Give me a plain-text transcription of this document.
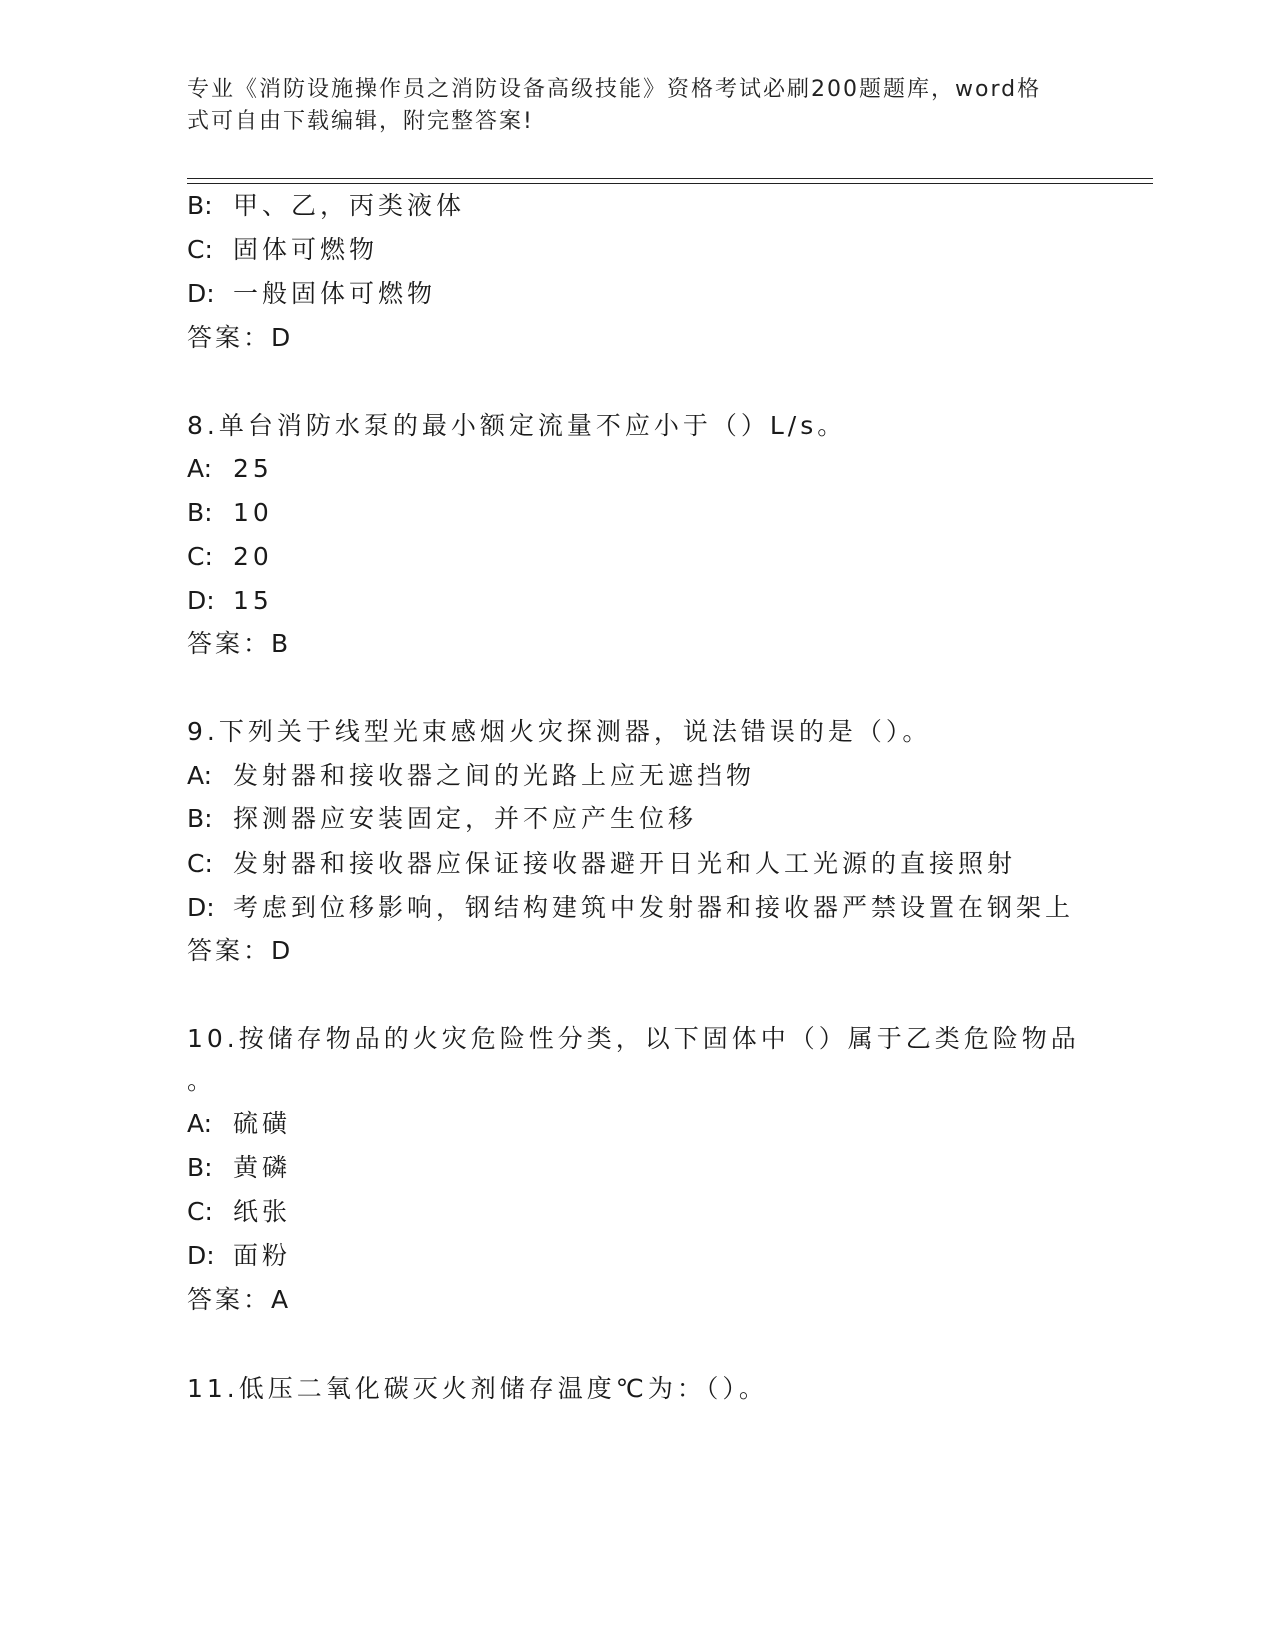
专业《消防设施操作员之消防设备高级技能》资格考试必刷200题题库，word格
式可自由下载编辑，附完整答案!
B: 甲、乙，丙类液体
C: 固体可燃物
D: 一般固体可燃物
答案：D
8.单台消防水泵的最小额定流量不应小于（）L/s。
A: 25
B: 10
C: 20
D: 15
答案：B
9.下列关于线型光束感烟火灾探测器，说法错误的是（）。
A: 发射器和接收器之间的光路上应无遮挡物
B: 探测器应安装固定，并不应产生位移
C: 发射器和接收器应保证接收器避开日光和人工光源的直接照射
D: 考虑到位移影响，钢结构建筑中发射器和接收器严禁设置在钢架上
答案：D
10.按储存物品的火灾危险性分类，以下固体中（）属于乙类危险物品
。
A: 硫磺
B: 黄磷
C: 纸张
D: 面粉
答案：A
11.低压二氧化碳灭火剂储存温度℃为：（）。
